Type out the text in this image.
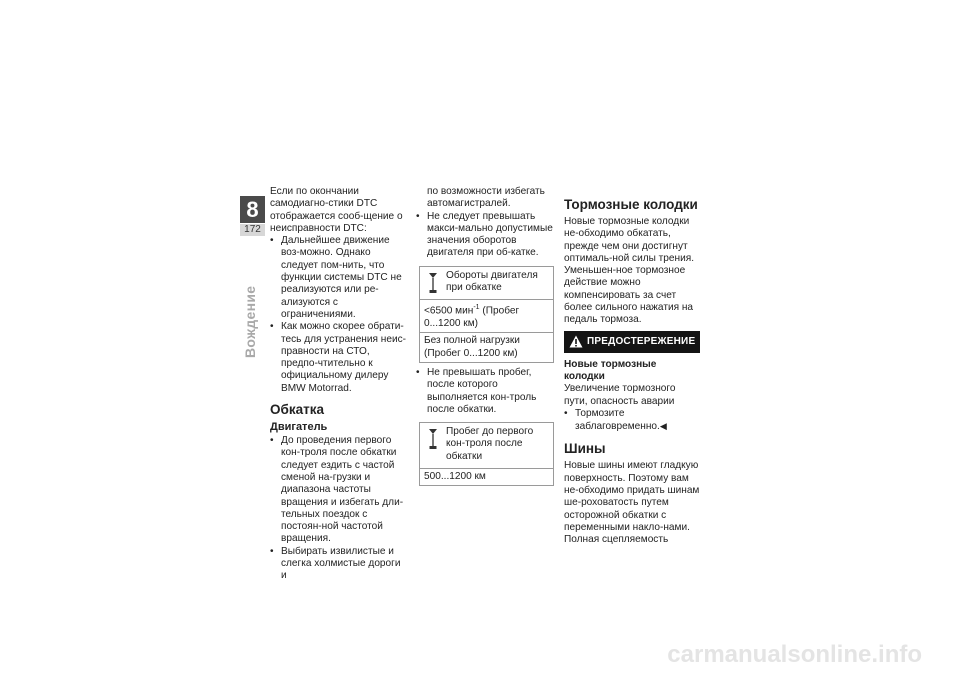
8
172
Вождение

Если по окончании самодиагно-стики DTC отображается сооб-щение о неисправности DTC:

• Дальнейшее движение воз-можно. Однако следует пом-нить, что функции системы DTC не реализуются или ре-ализуются с ограничениями.

• Как можно скорее обрати-тесь для устранения неис-правности на СТО, предпо-чтительно к официальному дилеру BMW Motorrad.

Обкатка
Двигатель

• До проведения первого кон-троля после обкатки следует ездить с частой сменой на-грузки и диапазона частоты вращения и избегать дли-тельных поездок с постоян-ной частотой вращения.

• Выбирать извилистые и слегка холмистые дороги и

по возможности избегать автомагистралей.

• Не следует превышать макси-мально допустимые значения оборотов двигателя при об-катке.

Обороты двигателя при обкатке
<6500 мин$^{-1}$ (Пробег 0...1200 км)
Без полной нагрузки (Пробег 0...1200 км)

• Не превышать пробег, после которого выполняется кон-троль после обкатки.

Пробег до первого кон-троля после обкатки
500...1200 км
Тормозные колодки

Новые тормозные колодки не-обходимо обкатать, прежде чем они достигнут оптималь-ной силы трения. Уменьшен-ное тормозное действие можно компенсировать за счет более сильного нажатия на педаль тормоза.

ПРЕДОСТЕРЕЖЕНИЕ

Новые тормозные колодки

Увеличение тормозного пути, опасность аварии

• Тормозите

заблаговременно.◀

Шины

Новые шины имеют гладкую поверхность. Поэтому вам не-обходимо придать шинам ше-роховатость путем осторожной обкатки с переменными накло-нами. Полная сцепляемость

carmanualsonline.info
